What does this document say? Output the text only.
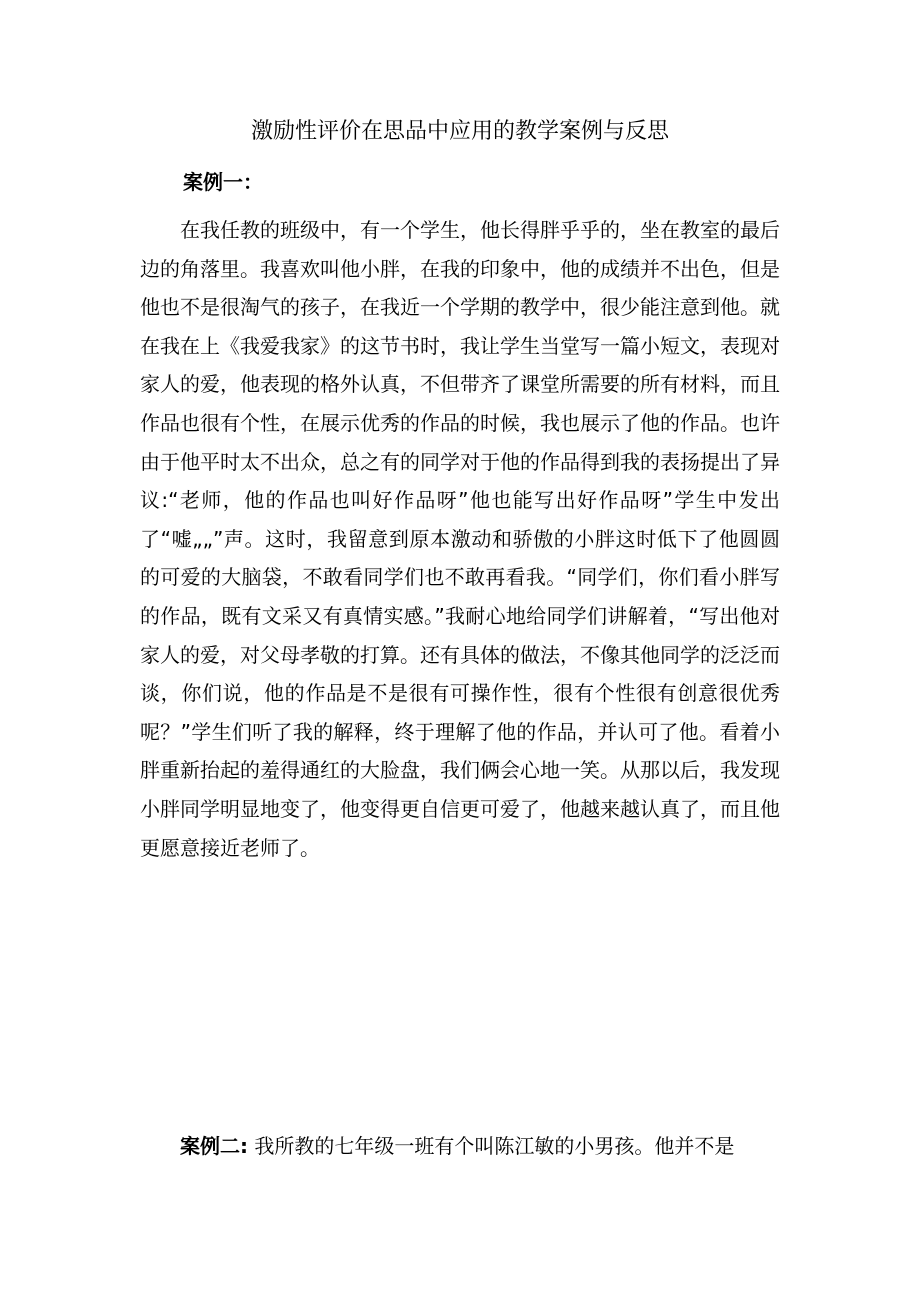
激励性评价在思品中应用的教学案例与反思
案例一：

在我任教的班级中，有一个学生，他长得胖乎乎的，坐在教室的最后边的角落里。我喜欢叫他小胖，在我的印象中，他的成绩并不出色，但是他也不是很淘气的孩子，在我近一个学期的教学中，很少能注意到他。就在我在上《我爱我家》的这节书时，我让学生当堂写一篇小短文，表现对家人的爱，他表现的格外认真，不但带齐了课堂所需要的所有材料，而且作品也很有个性，在展示优秀的作品的时候，我也展示了他的作品。也许由于他平时太不出众，总之有的同学对于他的作品得到我的表扬提出了异议:“老师，他的作品也叫好作品呀”他也能写出好作品呀”学生中发出了“嘘„„”声。这时，我留意到原本激动和骄傲的小胖这时低下了他圆圆的可爱的大脑袋，不敢看同学们也不敢再看我。“同学们，你们看小胖写的作品，既有文采又有真情实感。”我耐心地给同学们讲解着，“写出他对家人的爱，对父母孝敬的打算。还有具体的做法，不像其他同学的泛泛而谈，你们说，他的作品是不是很有可操作性，很有个性很有创意很优秀呢？”学生们听了我的解释，终于理解了他的作品，并认可了他。看着小胖重新抬起的羞得通红的大脸盘，我们俩会心地一笑。从那以后，我发现小胖同学明显地变了，他变得更自信更可爱了，他越来越认真了，而且他更愿意接近老师了。

案例二: 我所教的七年级一班有个叫陈江敏的小男孩。他并不是
